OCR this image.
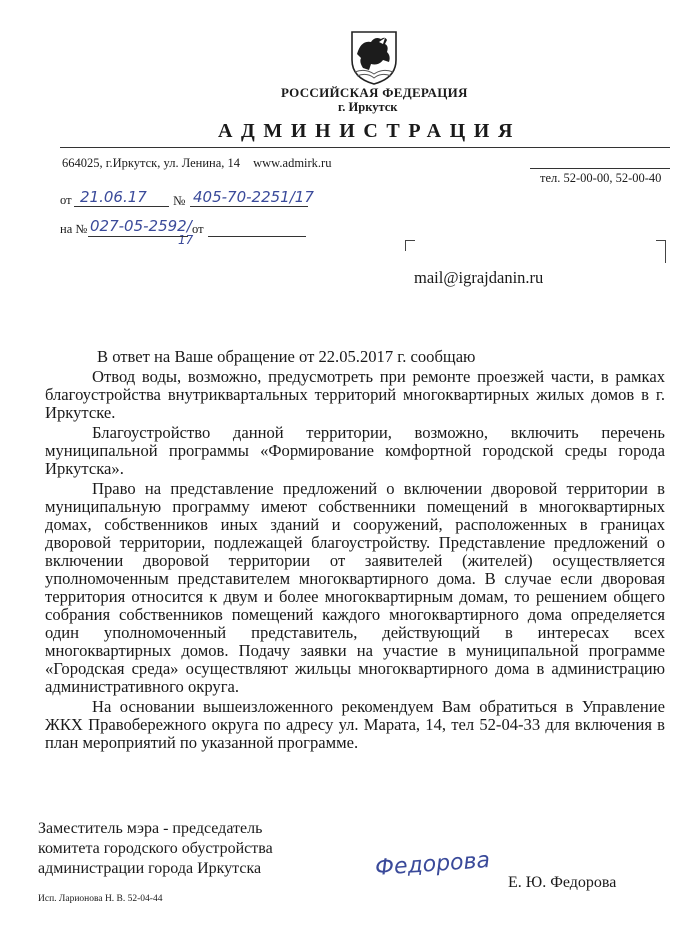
РОССИЙСКАЯ ФЕДЕРАЦИЯ
г. Иркутск
АДМИНИСТРАЦИЯ
664025, г.Иркутск, ул. Ленина, 14 www.admirk.ru
тел. 52-00-00, 52-00-40
от 21.06.17 № 405-70-2251/17
на № 027-05-2592/
17
от
mail@igrajdanin.ru

В ответ на Ваше обращение от 22.05.2017 г. сообщаю

Отвод воды, возможно, предусмотреть при ремонте проезжей части, в рамках благоустройства внутриквартальных территорий многоквартирных жилых домов в г. Иркутске.

Благоустройство данной территории, возможно, включить перечень муниципальной программы «Формирование комфортной городской среды города Иркутска».

Право на представление предложений о включении дворовой территории в муниципальную программу имеют собственники помещений в многоквартирных домах, собственников иных зданий и сооружений, расположенных в границах дворовой территории, подлежащей благоустройству. Представление предложений о включении дворовой территории от заявителей (жителей) осуществляется уполномоченным представителем многоквартирного дома. В случае если дворовая территория относится к двум и более многоквартирным домам, то решением общего собрания собственников помещений каждого многоквартирного дома определяется один уполномоченный представитель, действующий в интересах всех многоквартирных домов. Подачу заявки на участие в муниципальной программе «Городская среда» осуществляют жильцы многоквартирного дома в администрацию административного округа.

На основании вышеизложенного рекомендуем Вам обратиться в Управление ЖКХ Правобережного округа по адресу ул. Марата, 14, тел 52-04-33 для включения в план мероприятий по указанной программе.

Заместитель мэра - председатель
комитета городского обустройства
администрации города Иркутска	Федорова
Е. Ю. Федорова
Исп. Ларионова Н. В. 52-04-44
